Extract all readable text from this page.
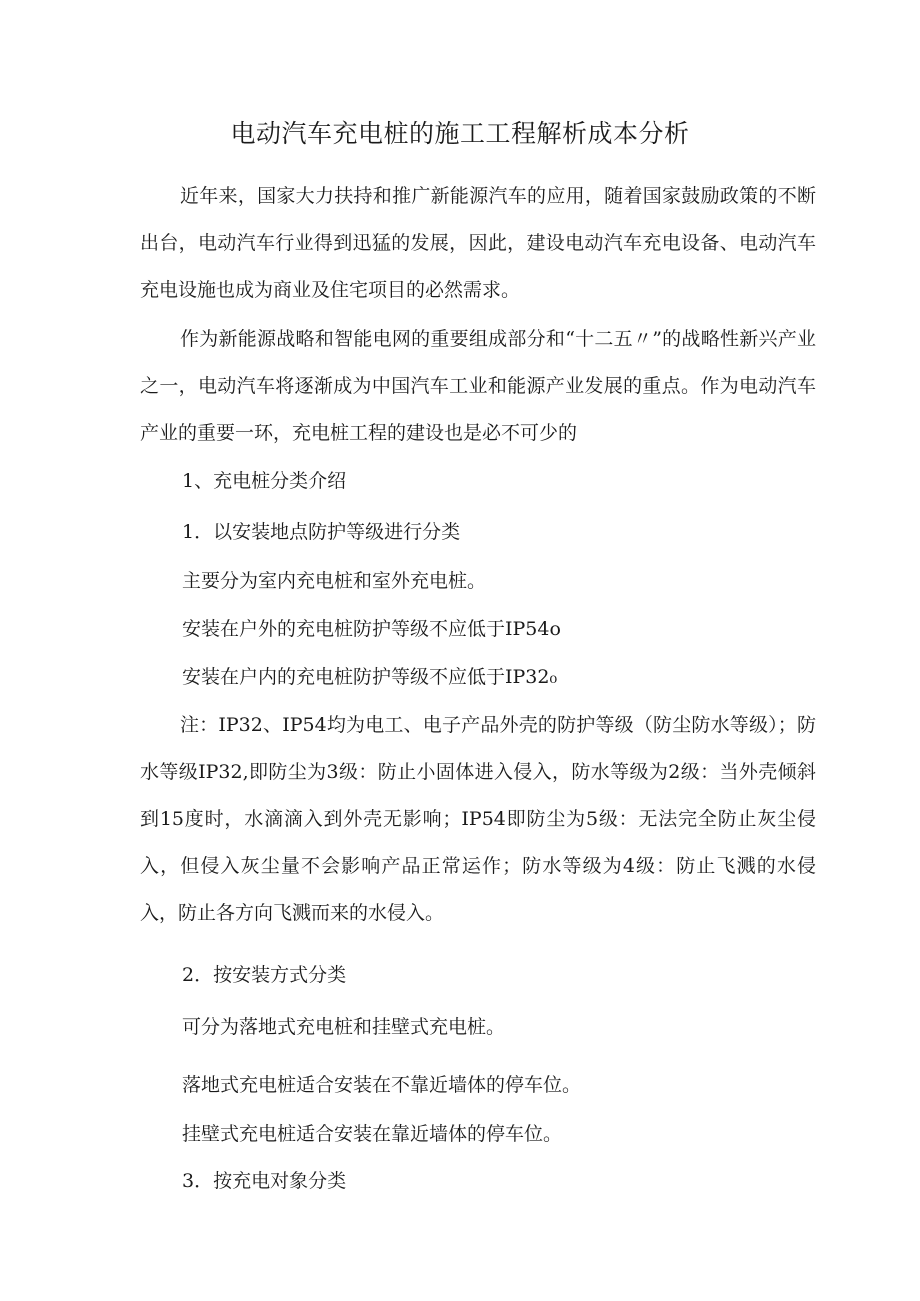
电动汽车充电桩的施工工程解析成本分析

近年来，国家大力扶持和推广新能源汽车的应用，随着国家鼓励政策的不断出台，电动汽车行业得到迅猛的发展，因此，建设电动汽车充电设备、电动汽车充电设施也成为商业及住宅项目的必然需求。

作为新能源战略和智能电网的重要组成部分和“十二五〃”的战略性新兴产业之一，电动汽车将逐渐成为中国汽车工业和能源产业发展的重点。作为电动汽车产业的重要一环，充电桩工程的建设也是必不可少的

1、充电桩分类介绍
1．以安装地点防护等级进行分类
主要分为室内充电桩和室外充电桩。
安装在户外的充电桩防护等级不应低于IP54o
安装在户内的充电桩防护等级不应低于IP32₀

注：IP32、IP54均为电工、电子产品外壳的防护等级（防尘防水等级）；防水等级IP32,即防尘为3级：防止小固体进入侵入，防水等级为2级：当外壳倾斜到15度时，水滴滴入到外壳无影响；IP54即防尘为5级：无法完全防止灰尘侵入，但侵入灰尘量不会影响产品正常运作；防水等级为4级：防止飞溅的水侵入，防止各方向飞溅而来的水侵入。

2．按安装方式分类
可分为落地式充电桩和挂壁式充电桩。
落地式充电桩适合安装在不靠近墙体的停车位。
挂壁式充电桩适合安装在靠近墙体的停车位。
3．按充电对象分类
